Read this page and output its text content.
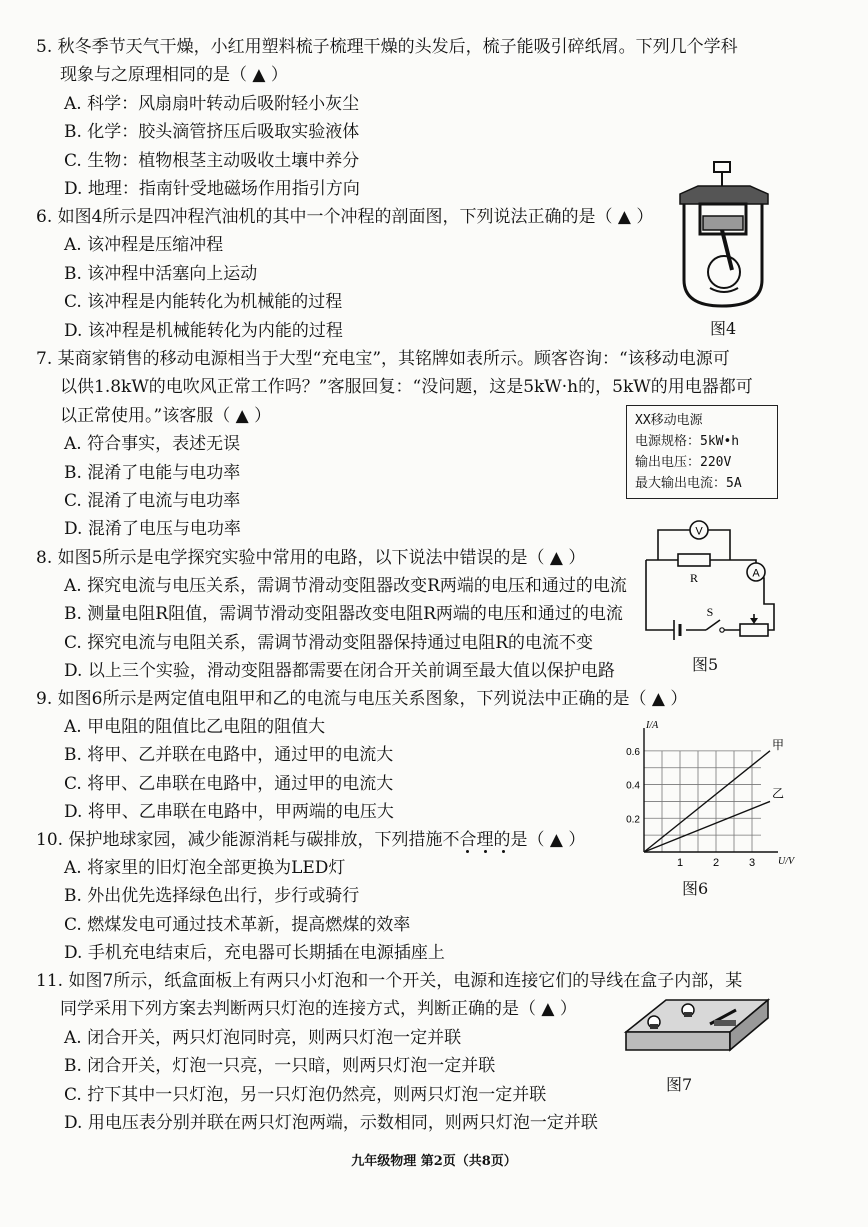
5. 秋冬季节天气干燥，小红用塑料梳子梳理干燥的头发后，梳子能吸引碎纸屑。下列几个学科
现象与之原理相同的是（ ▲ ）
A. 科学：风扇扇叶转动后吸附轻小灰尘
B. 化学：胶头滴管挤压后吸取实验液体
C. 生物：植物根茎主动吸收土壤中养分
D. 地理：指南针受地磁场作用指引方向
6. 如图4所示是四冲程汽油机的其中一个冲程的剖面图，下列说法正确的是（ ▲ ）
A. 该冲程是压缩冲程
B. 该冲程中活塞向上运动
C. 该冲程是内能转化为机械能的过程
D. 该冲程是机械能转化为内能的过程	图4
7. 某商家销售的移动电源相当于大型“充电宝”，其铭牌如表所示。顾客咨询：“该移动电源可
以供1.8kW的电吹风正常工作吗？”客服回复：“没问题，这是5kW·h的，5kW的用电器都可
以正常使用。”该客服（ ▲ ）
A. 符合事实，表述无误
B. 混淆了电能与电功率
C. 混淆了电流与电功率
D. 混淆了电压与电功率
XX移动电源
电源规格：5kW•h
输出电压：220V
最大输出电流：5A
8. 如图5所示是电学探究实验中常用的电路，以下说法中错误的是（ ▲ ）
A. 探究电流与电压关系，需调节滑动变阻器改变R两端的电压和通过的电流
B. 测量电阻R阻值，需调节滑动变阻器改变电阻R两端的电压和通过的电流
C. 探究电流与电阻关系，需调节滑动变阻器保持通过电阻R的电流不变
D. 以上三个实验，滑动变阻器都需要在闭合开关前调至最大值以保护电路
V
A
R
S
图5
9. 如图6所示是两定值电阻甲和乙的电流与电压关系图象，下列说法中正确的是（ ▲ ）
A. 甲电阻的阻值比乙电阻的阻值大
B. 将甲、乙并联在电路中，通过甲的电流大
C. 将甲、乙串联在电路中，通过甲的电流大
D. 将甲、乙串联在电路中，甲两端的电压大
1	2	3
0.2
0.4
0.6
I/A
U/V
甲
乙
图6
10. 保护地球家园，减少能源消耗与碳排放，下列措施不合理的是（ ▲ ）
A. 将家里的旧灯泡全部更换为LED灯
B. 外出优先选择绿色出行，步行或骑行
C. 燃煤发电可通过技术革新，提高燃煤的效率
D. 手机充电结束后，充电器可长期插在电源插座上
11. 如图7所示，纸盒面板上有两只小灯泡和一个开关，电源和连接它们的导线在盒子内部，某
同学采用下列方案去判断两只灯泡的连接方式，判断正确的是（ ▲ ）
A. 闭合开关，两只灯泡同时亮，则两只灯泡一定并联
B. 闭合开关，灯泡一只亮，一只暗，则两只灯泡一定并联
C. 拧下其中一只灯泡，另一只灯泡仍然亮，则两只灯泡一定并联
D. 用电压表分别并联在两只灯泡两端，示数相同，则两只灯泡一定并联
图7
九年级物理 第2页（共8页）
